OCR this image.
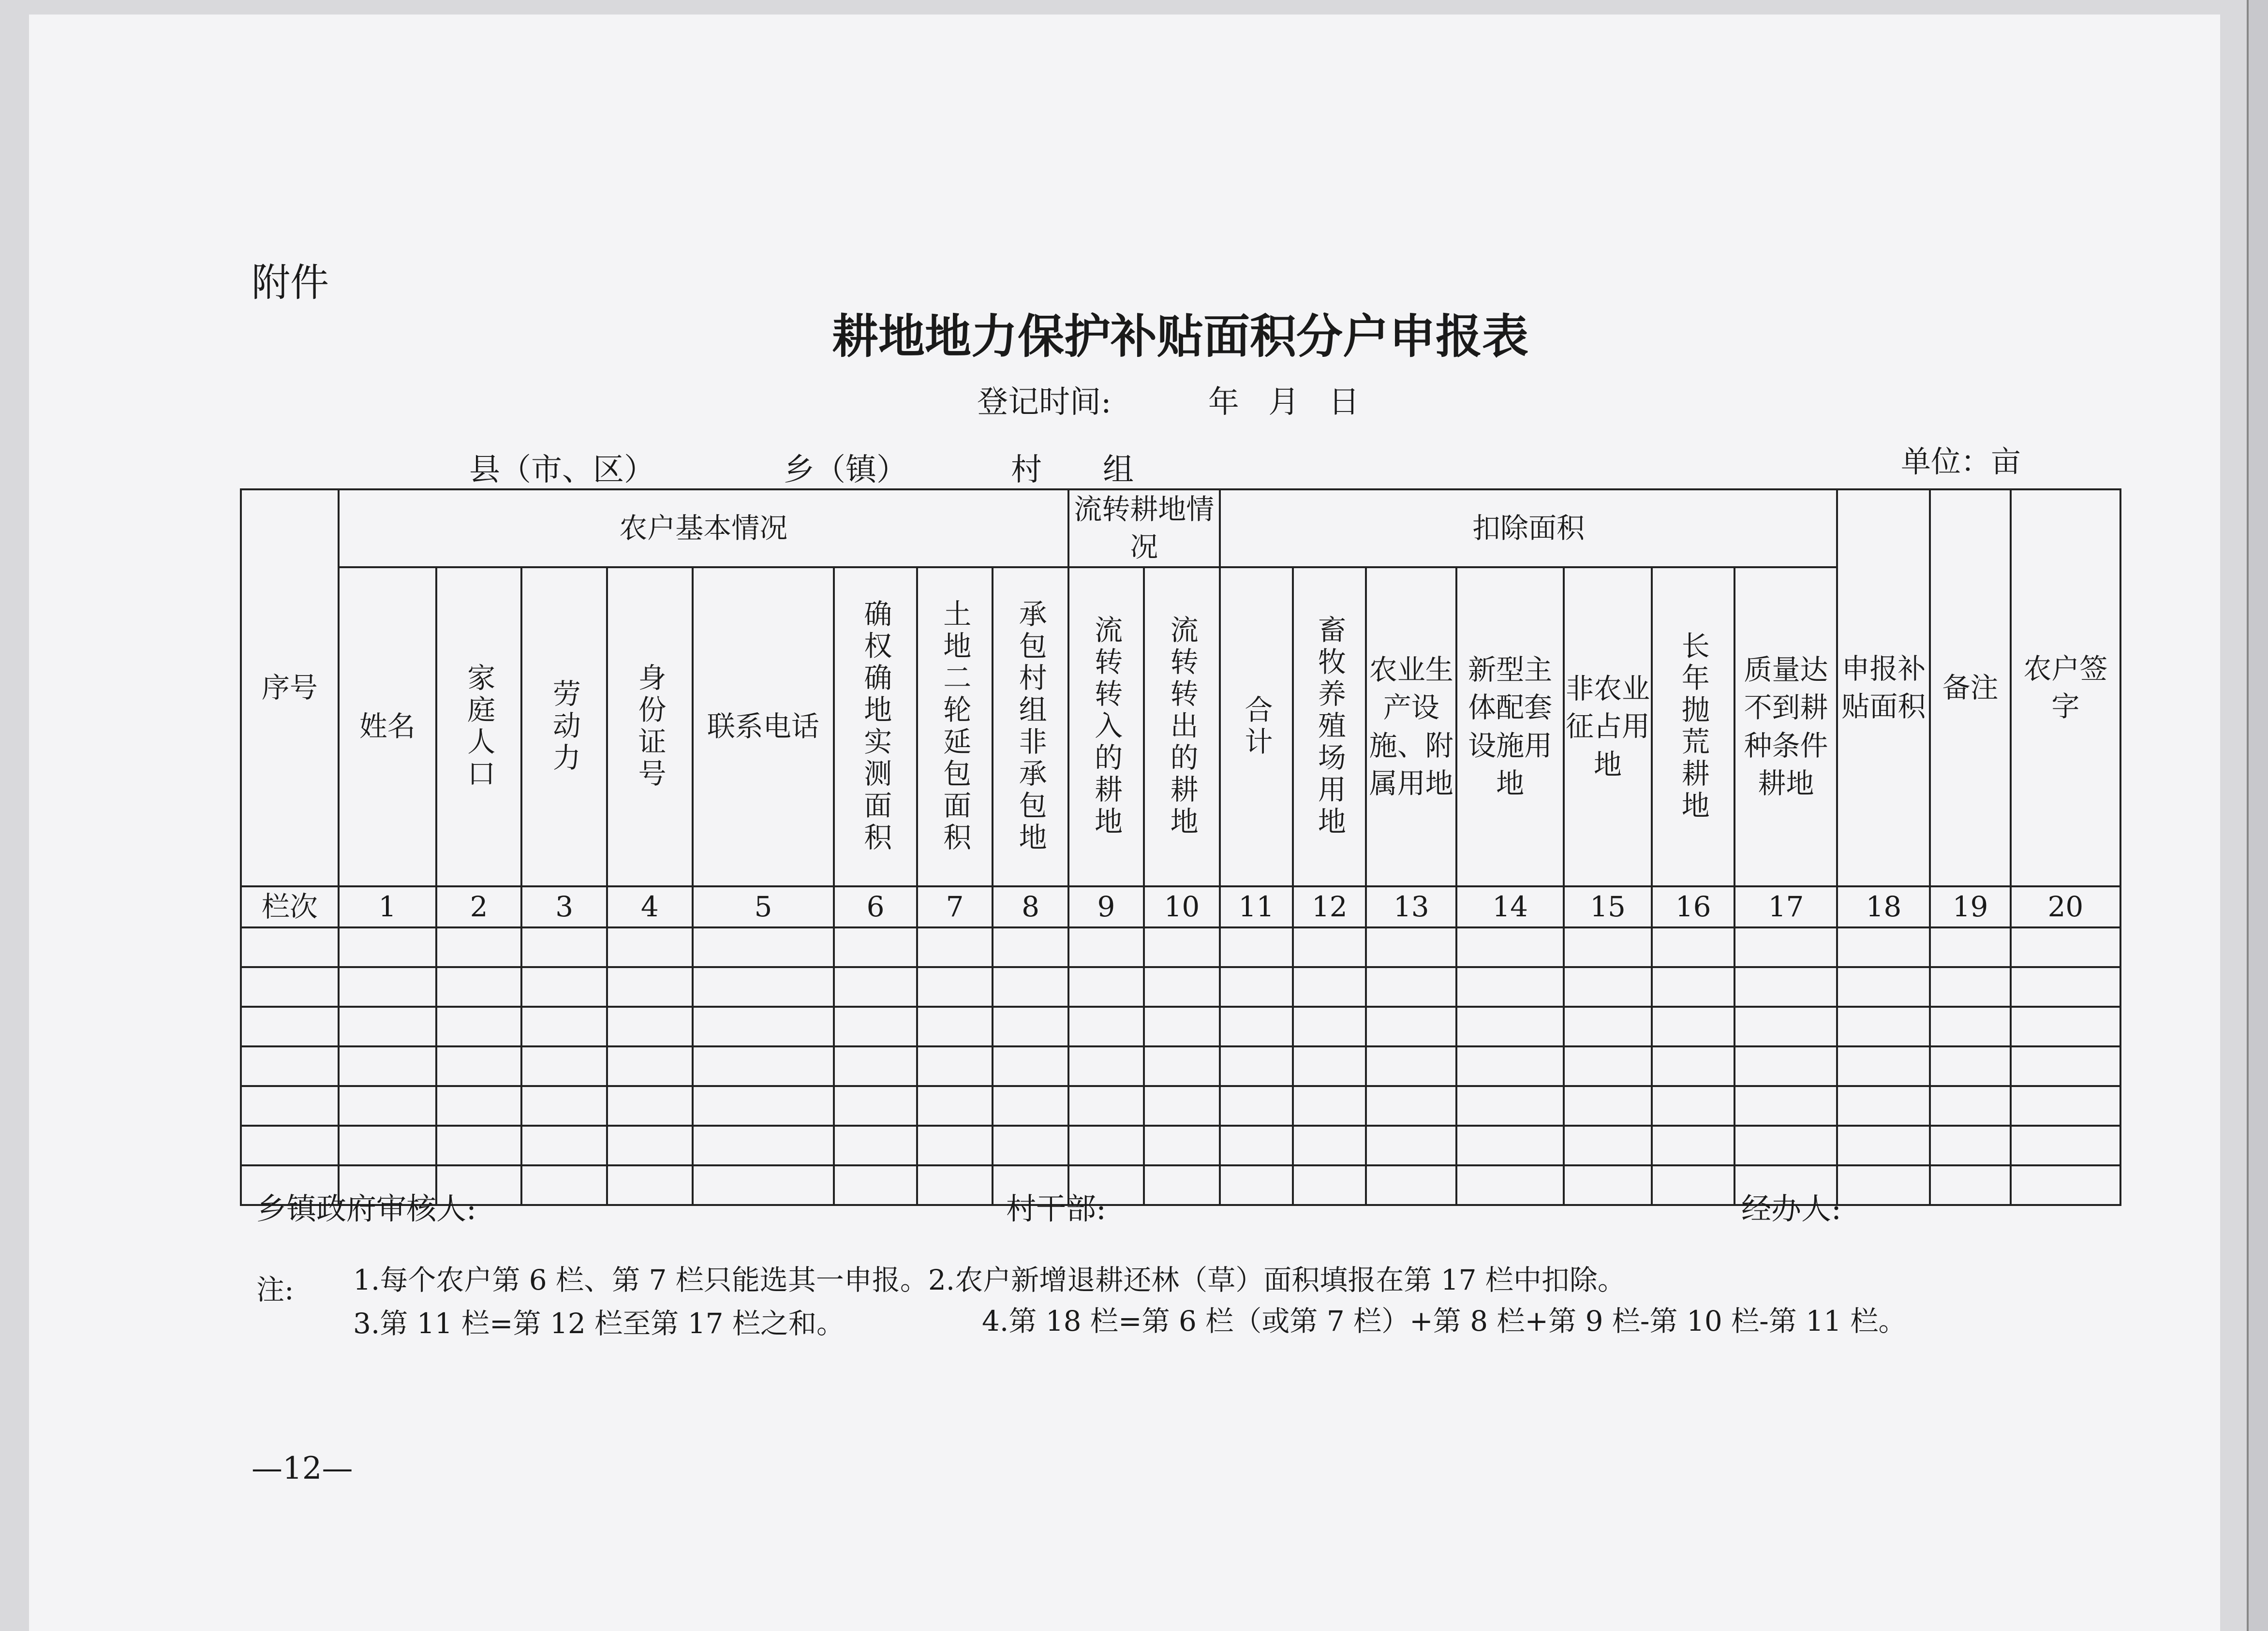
附件
耕地地力保护补贴面积分户申报表
登记时间:	年 月 日
县（市、区）	乡（镇）	村 组	单位：亩
序号	农户基本情况								流转耕地情况		扣除面积							申报补贴面积	备注	农户签字
	姓名	家庭人口	劳动力	身份证号	联系电话	确权确地实测面积	土地二轮延包面积	承包村组非承包地	流转转入的耕地	流转转出的耕地	合计	畜牧养殖场用地	农业生产设施、附属用地	新型主体配套设施用地	非农业征占用地	长年抛荒耕地	质量达不到耕种条件耕地			
栏次	1	2	3	4	5	6	7	8	9	10	11	12	13	14	15	16	17	18	19	20

乡镇政府审核人:	村干部:	经办人:
注: 1.每个农户第 6 栏、第 7 栏只能选其一申报。2.农户新增退耕还林（草）面积填报在第 17 栏中扣除。
3.第 11 栏=第 12 栏至第 17 栏之和。	4.第 18 栏=第 6 栏（或第 7 栏）+第 8 栏+第 9 栏-第 10 栏-第 11 栏。
—12—
